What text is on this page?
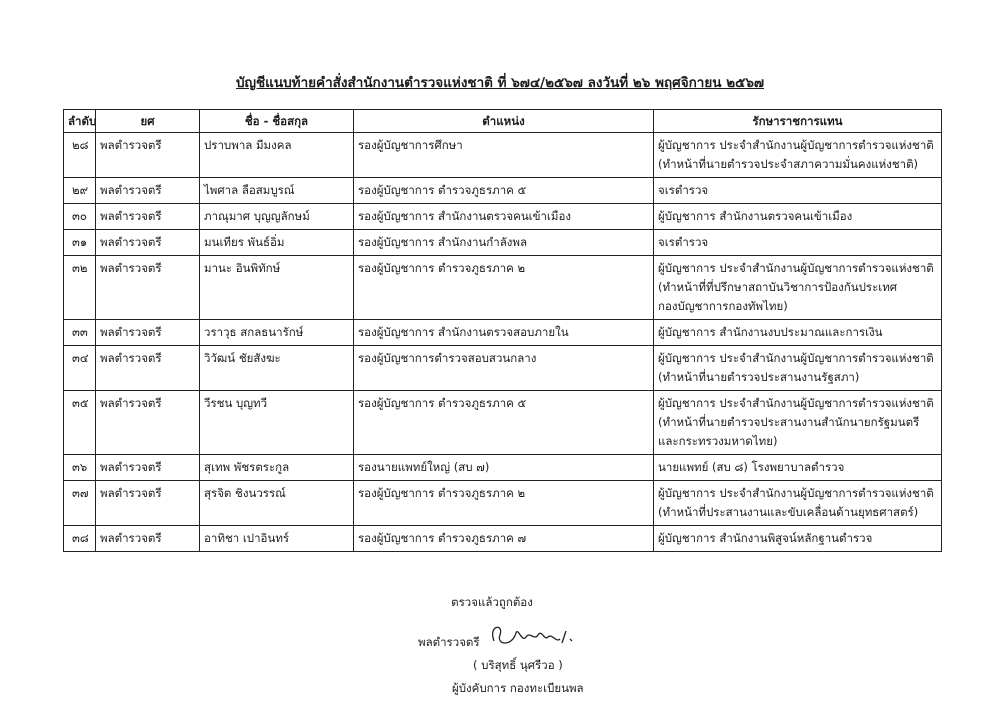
บัญชีแนบท้ายคำสั่งสำนักงานตำรวจแห่งชาติ ที่ ๖๗๔/๒๕๖๗ ลงวันที่ ๒๖ พฤศจิกายน ๒๕๖๗
ลำดับ	ยศ	ชื่อ - ชื่อสกุล	ตำแหน่ง	รักษาราชการแทน
๒๘	พลตำรวจตรี	ปราบพาล มีมงคล	รองผู้บัญชาการศึกษา	ผู้บัญชาการ ประจำสำนักงานผู้บัญชาการตำรวจแห่งชาติ
(ทำหน้าที่นายตำรวจประจำสภาความมั่นคงแห่งชาติ)

๒๙	พลตำรวจตรี	ไพศาล ลือสมบูรณ์	รองผู้บัญชาการ ตำรวจภูธรภาค ๕	จเรตำรวจ

๓๐	พลตำรวจตรี	ภาณุมาศ บุญญลักษม์	รองผู้บัญชาการ สำนักงานตรวจคนเข้าเมือง	ผู้บัญชาการ สำนักงานตรวจคนเข้าเมือง

๓๑	พลตำรวจตรี	มนเทียร พันธ์อิ่ม	รองผู้บัญชาการ สำนักงานกำลังพล	จเรตำรวจ

๓๒	พลตำรวจตรี	มานะ อินพิทักษ์	รองผู้บัญชาการ ตำรวจภูธรภาค ๒	ผู้บัญชาการ ประจำสำนักงานผู้บัญชาการตำรวจแห่งชาติ
(ทำหน้าที่ที่ปรึกษาสถาบันวิชาการป้องกันประเทศ
กองบัญชาการกองทัพไทย)

๓๓	พลตำรวจตรี	วราวุธ สกลธนารักษ์	รองผู้บัญชาการ สำนักงานตรวจสอบภายใน	ผู้บัญชาการ สำนักงานงบประมาณและการเงิน

๓๔	พลตำรวจตรี	วิวัฒน์ ชัยสังฆะ	รองผู้บัญชาการตำรวจสอบสวนกลาง	ผู้บัญชาการ ประจำสำนักงานผู้บัญชาการตำรวจแห่งชาติ
(ทำหน้าที่นายตำรวจประสานงานรัฐสภา)

๓๕	พลตำรวจตรี	วีรชน บุญทวี	รองผู้บัญชาการ ตำรวจภูธรภาค ๕	ผู้บัญชาการ ประจำสำนักงานผู้บัญชาการตำรวจแห่งชาติ
(ทำหน้าที่นายตำรวจประสานงานสำนักนายกรัฐมนตรี
และกระทรวงมหาดไทย)

๓๖	พลตำรวจตรี	สุเทพ พัชรตระกูล	รองนายแพทย์ใหญ่ (สบ ๗)	นายแพทย์ (สบ ๘) โรงพยาบาลตำรวจ

๓๗	พลตำรวจตรี	สุรจิต ชิงนวรรณ์	รองผู้บัญชาการ ตำรวจภูธรภาค ๒	ผู้บัญชาการ ประจำสำนักงานผู้บัญชาการตำรวจแห่งชาติ
(ทำหน้าที่ประสานงานและขับเคลื่อนด้านยุทธศาสตร์)

๓๘	พลตำรวจตรี	อาทิชา เปาอินทร์	รองผู้บัญชาการ ตำรวจภูธรภาค ๗	ผู้บัญชาการ สำนักงานพิสูจน์หลักฐานตำรวจ
ตรวจแล้วถูกต้อง
พลตำรวจตรี
( บริสุทธิ์ นุศรีวอ )
ผู้บังคับการ กองทะเบียนพล
